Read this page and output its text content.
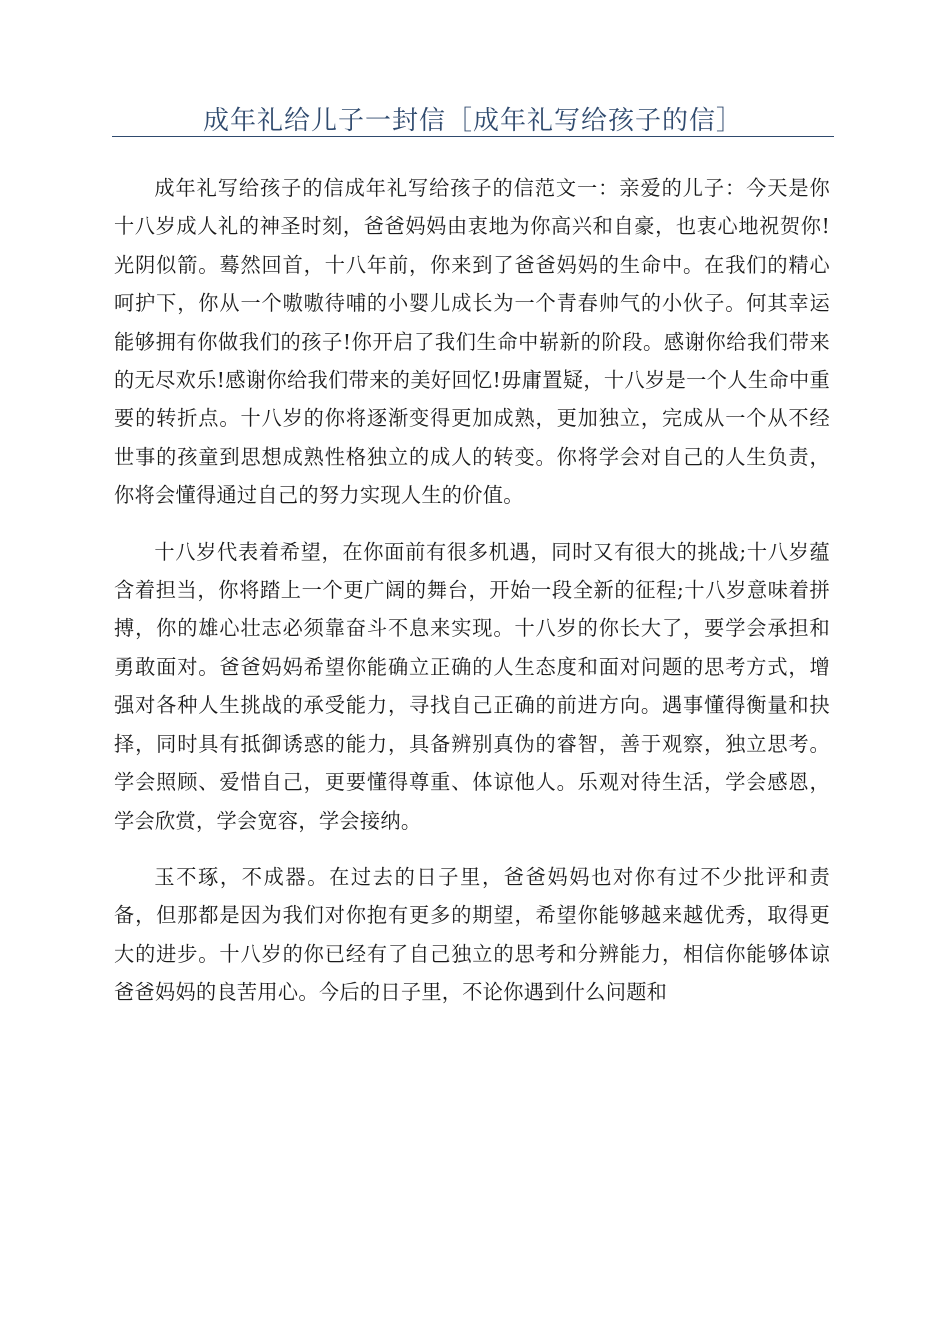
成年礼给儿子一封信［成年礼写给孩子的信］

成年礼写给孩子的信成年礼写给孩子的信范文一：亲爱的儿子：今天是你十八岁成人礼的神圣时刻，爸爸妈妈由衷地为你高兴和自豪，也衷心地祝贺你!光阴似箭。蓦然回首，十八年前，你来到了爸爸妈妈的生命中。在我们的精心呵护下，你从一个嗷嗷待哺的小婴儿成长为一个青春帅气的小伙子。何其幸运能够拥有你做我们的孩子!你开启了我们生命中崭新的阶段。感谢你给我们带来的无尽欢乐!感谢你给我们带来的美好回忆!毋庸置疑，十八岁是一个人生命中重要的转折点。十八岁的你将逐渐变得更加成熟，更加独立，完成从一个从不经世事的孩童到思想成熟性格独立的成人的转变。你将学会对自己的人生负责，你将会懂得通过自己的努力实现人生的价值。

十八岁代表着希望，在你面前有很多机遇，同时又有很大的挑战;十八岁蕴含着担当，你将踏上一个更广阔的舞台，开始一段全新的征程;十八岁意味着拼搏，你的雄心壮志必须靠奋斗不息来实现。十八岁的你长大了，要学会承担和勇敢面对。爸爸妈妈希望你能确立正确的人生态度和面对问题的思考方式，增强对各种人生挑战的承受能力，寻找自己正确的前进方向。遇事懂得衡量和抉择，同时具有抵御诱惑的能力，具备辨别真伪的睿智，善于观察，独立思考。学会照顾、爱惜自己，更要懂得尊重、体谅他人。乐观对待生活，学会感恩，学会欣赏，学会宽容，学会接纳。

玉不琢，不成器。在过去的日子里，爸爸妈妈也对你有过不少批评和责备，但那都是因为我们对你抱有更多的期望，希望你能够越来越优秀，取得更大的进步。十八岁的你已经有了自己独立的思考和分辨能力，相信你能够体谅爸爸妈妈的良苦用心。今后的日子里，不论你遇到什么问题和
